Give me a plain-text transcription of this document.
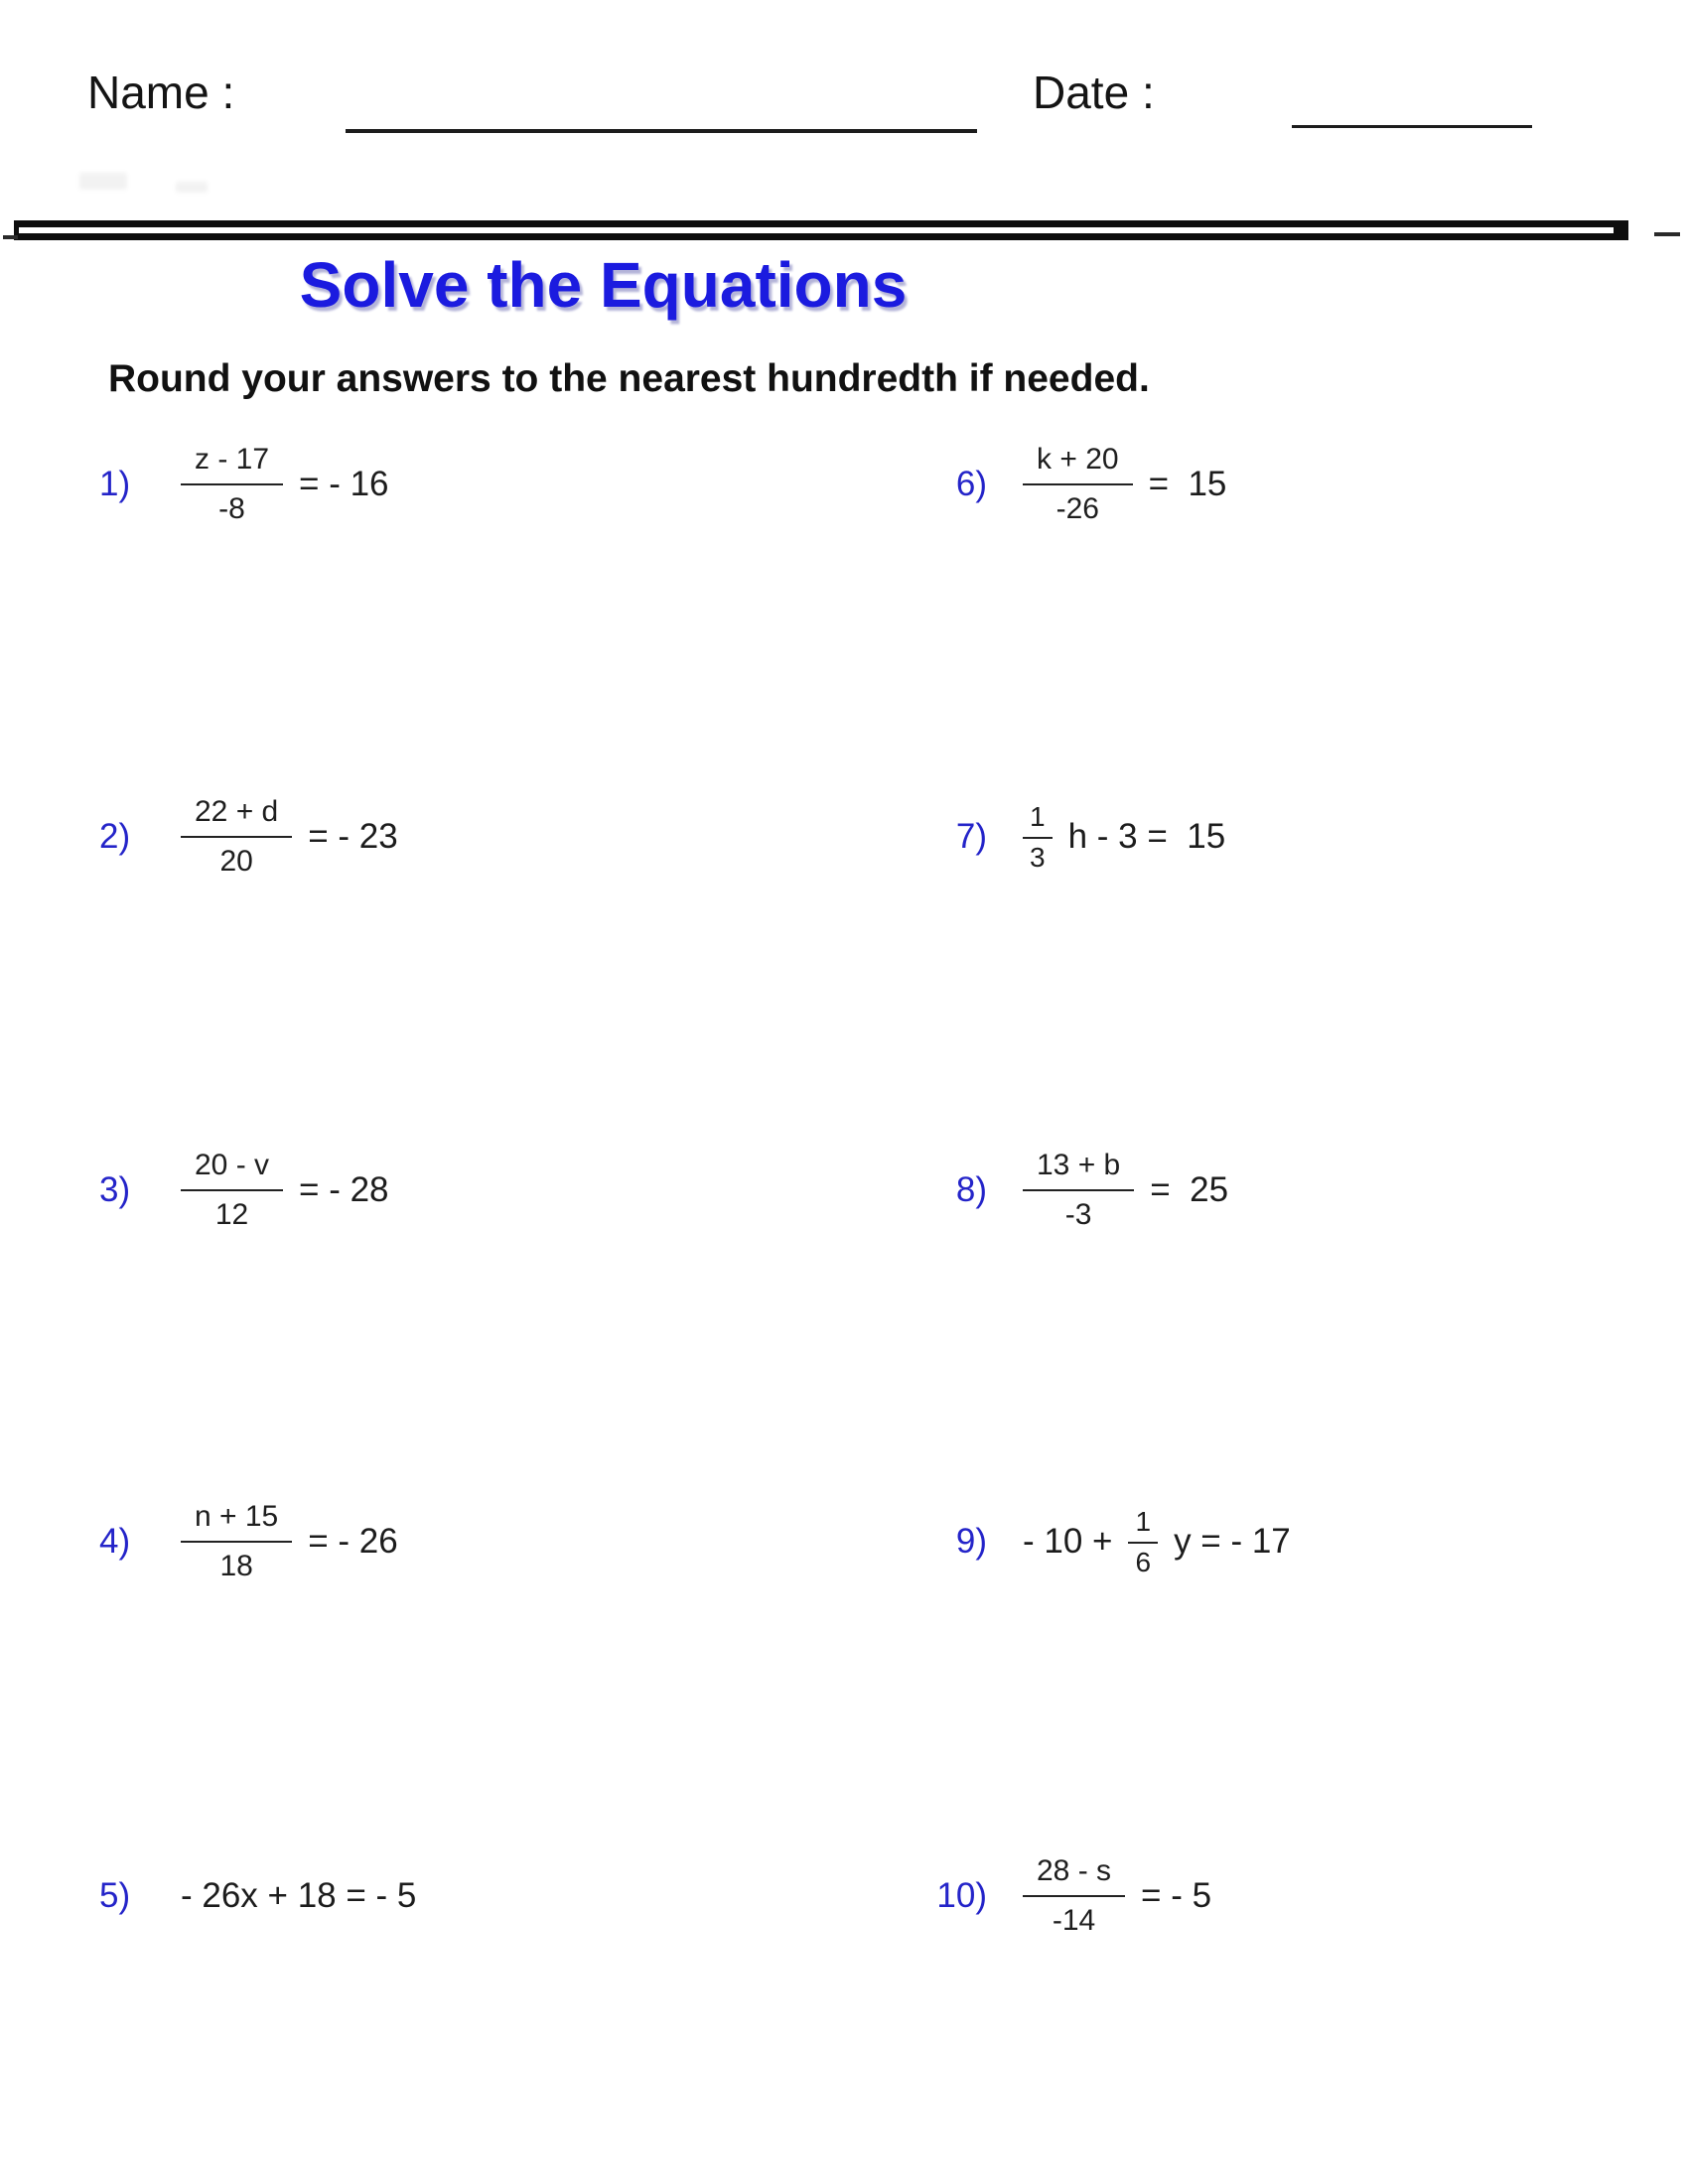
Name :	Date :
Solve the Equations
Round your answers to the nearest hundredth if needed.
1)	$\frac{z - 17}{-8}$ = - 16
2)	$\frac{22 + d}{20}$ = - 23
3)	$\frac{20 - v}{12}$ = - 28
4)	$\frac{n + 15}{18}$ = - 26
5)	- 26x + 18 = - 5
$6) \frac{k + 20}{-26} = 15$
$7) \frac{1}{3}$ h - 3 =  15
$8) \frac{13 + b}{-3} = 25$
$9) - 10 + \frac{1}{6}$ y = - 17
$10) \frac{28 - s}{-14}$ = - 5
